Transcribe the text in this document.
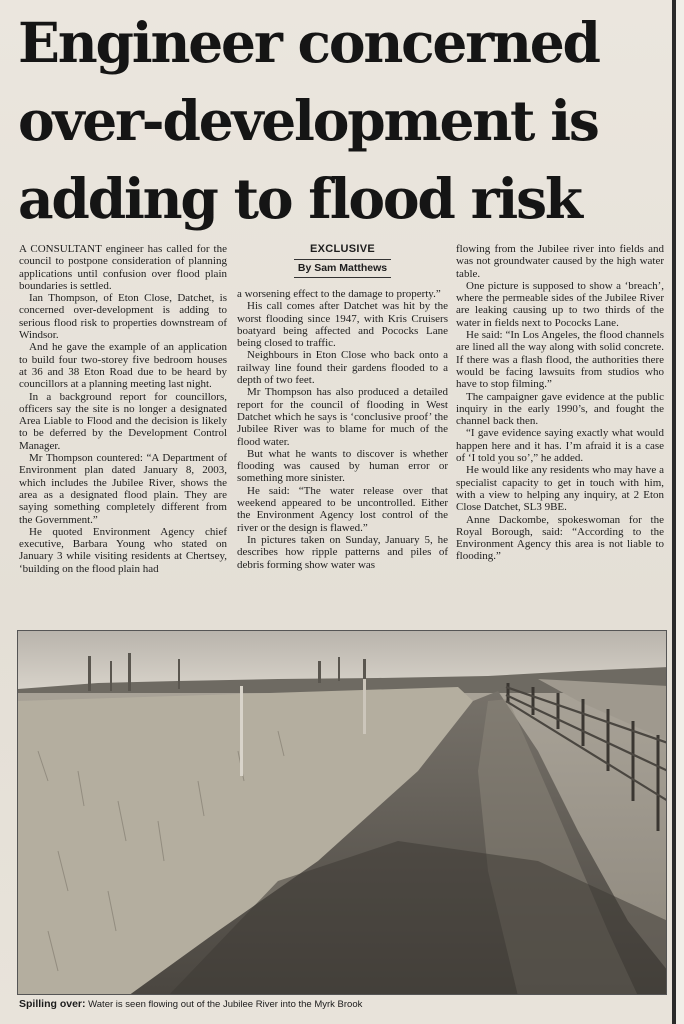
Engineer concerned
over-development is
adding to flood risk

A CONSULTANT engineer has called for the council to postpone consideration of planning applications until confusion over flood plain boundaries is settled.

Ian Thompson, of Eton Close, Datchet, is concerned over-development is adding to serious flood risk to properties downstream of Windsor.

And he gave the example of an application to build four two-storey five bedroom houses at 36 and 38 Eton Road due to be heard by councillors at a planning meeting last night.

In a background report for councillors, officers say the site is no longer a designated Area Liable to Flood and the decision is likely to be deferred by the Development Control Manager.

Mr Thompson countered: “A Department of Environment plan dated January 8, 2003, which includes the Jubilee River, shows the area as a designated flood plain. They are saying something completely different from the Government.”

He quoted Environment Agency chief executive, Barbara Young who stated on January 3 while visiting residents at Chertsey, ‘building on the flood plain had

EXCLUSIVE
By Sam Matthews

a worsening effect to the damage to property.”

His call comes after Datchet was hit by the worst flooding since 1947, with Kris Cruisers boatyard being affected and Pococks Lane being closed to traffic.

Neighbours in Eton Close who back onto a railway line found their gardens flooded to a depth of two feet.

Mr Thompson has also produced a detailed report for the council of flooding in West Datchet which he says is ‘conclusive proof’ the Jubilee River was to blame for much of the flood water.

But what he wants to discover is whether flooding was caused by human error or something more sinister.

He said: “The water release over that weekend appeared to be uncontrolled. Either the Environment Agency lost control of the river or the design is flawed.”

In pictures taken on Sunday, January 5, he describes how ripple patterns and piles of debris forming show water was

flowing from the Jubilee river into fields and was not groundwater caused by the high water table.

One picture is supposed to show a ‘breach’, where the permeable sides of the Jubilee River are leaking causing up to two thirds of the water in fields next to Pococks Lane.

He said: “In Los Angeles, the flood channels are lined all the way along with solid concrete. If there was a flash flood, the authorities there would be facing lawsuits from studios who have to stop filming.”

The campaigner gave evidence at the public inquiry in the early 1990’s, and fought the channel back then.

“I gave evidence saying exactly what would happen here and it has. I’m afraid it is a case of ‘I told you so’,” he added.

He would like any residents who may have a specialist capacity to get in touch with him, with a view to helping any inquiry, at 2 Eton Close Datchet, SL3 9BE.

Anne Dackombe, spokeswoman for the Royal Borough, said: “According to the Environment Agency this area is not liable to flooding.”

Spilling over: Water is seen flowing out of the Jubilee River into the Myrk Brook
